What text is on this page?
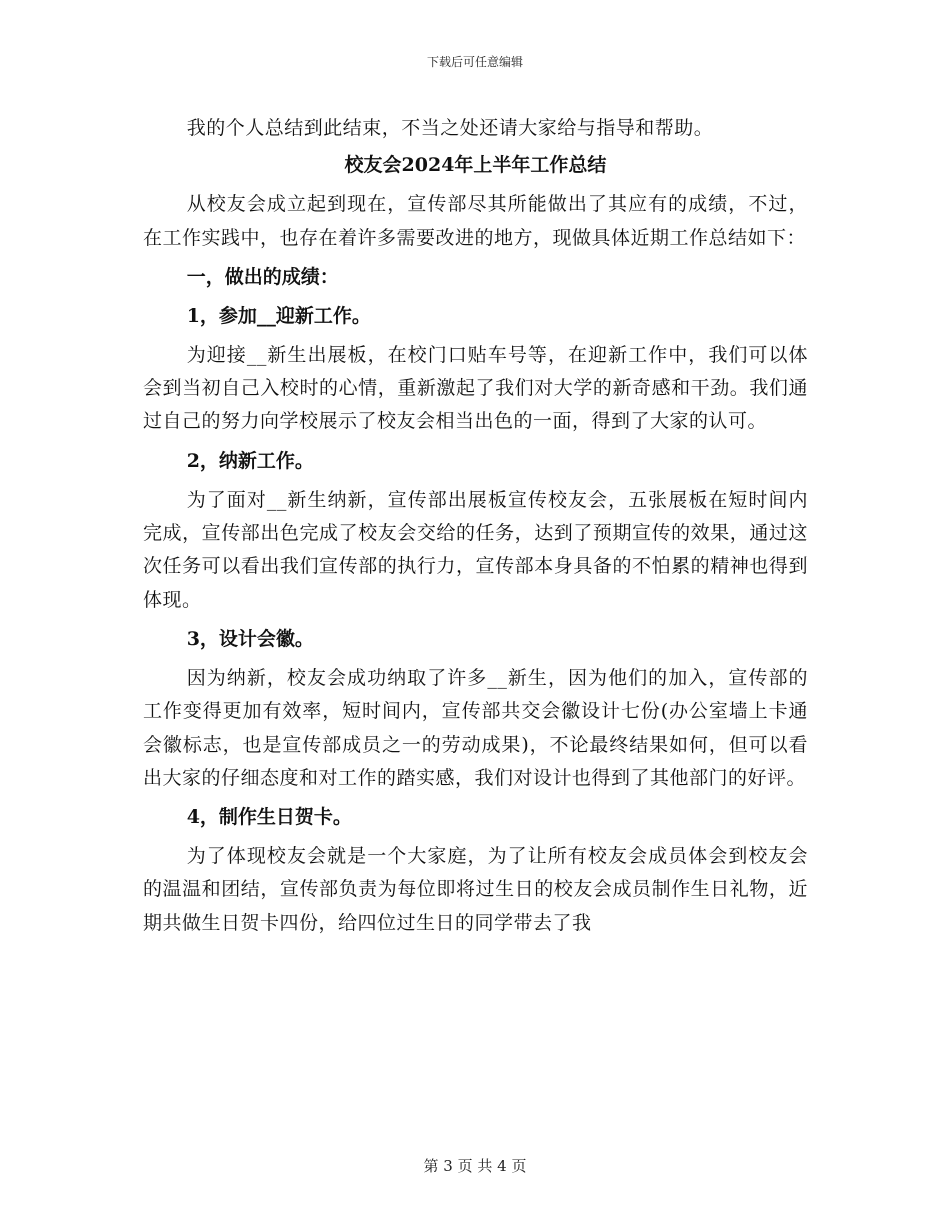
下载后可任意编辑

我的个人总结到此结束，不当之处还请大家给与指导和帮助。

校友会2024年上半年工作总结

从校友会成立起到现在，宣传部尽其所能做出了其应有的成绩，不过，在工作实践中，也存在着许多需要改进的地方，现做具体近期工作总结如下：

一，做出的成绩：

1，参加__迎新工作。

为迎接__新生出展板，在校门口贴车号等，在迎新工作中，我们可以体会到当初自己入校时的心情，重新激起了我们对大学的新奇感和干劲。我们通过自己的努力向学校展示了校友会相当出色的一面，得到了大家的认可。

2，纳新工作。

为了面对__新生纳新，宣传部出展板宣传校友会，五张展板在短时间内完成，宣传部出色完成了校友会交给的任务，达到了预期宣传的效果，通过这次任务可以看出我们宣传部的执行力，宣传部本身具备的不怕累的精神也得到体现。

3，设计会徽。

因为纳新，校友会成功纳取了许多__新生，因为他们的加入，宣传部的工作变得更加有效率，短时间内，宣传部共交会徽设计七份(办公室墙上卡通会徽标志，也是宣传部成员之一的劳动成果)，不论最终结果如何，但可以看出大家的仔细态度和对工作的踏实感，我们对设计也得到了其他部门的好评。

4，制作生日贺卡。

为了体现校友会就是一个大家庭，为了让所有校友会成员体会到校友会的温温和团结，宣传部负责为每位即将过生日的校友会成员制作生日礼物，近期共做生日贺卡四份，给四位过生日的同学带去了我

第 3 页 共 4 页
